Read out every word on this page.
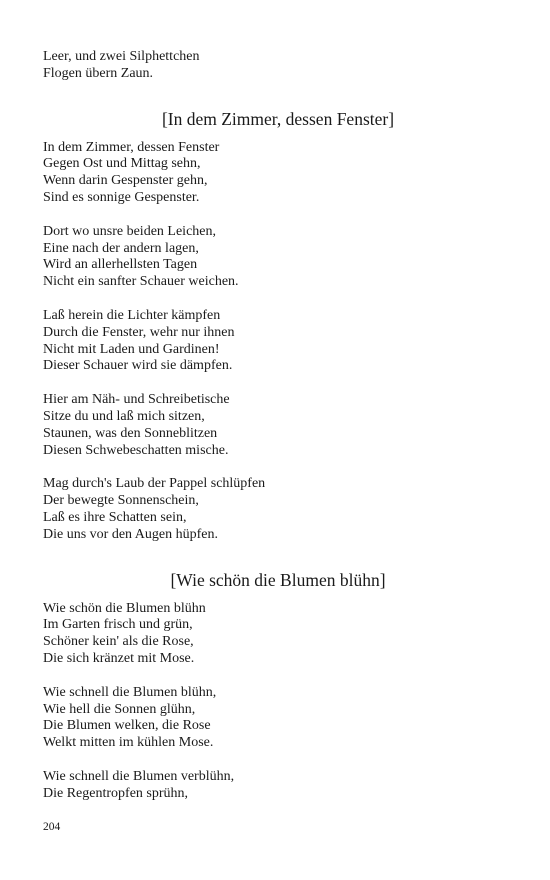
Leer, und zwei Silphettchen
Flogen übern Zaun.
[In dem Zimmer, dessen Fenster]
In dem Zimmer, dessen Fenster
Gegen Ost und Mittag sehn,
Wenn darin Gespenster gehn,
Sind es sonnige Gespenster.
Dort wo unsre beiden Leichen,
Eine nach der andern lagen,
Wird an allerhellsten Tagen
Nicht ein sanfter Schauer weichen.
Laß herein die Lichter kämpfen
Durch die Fenster, wehr nur ihnen
Nicht mit Laden und Gardinen!
Dieser Schauer wird sie dämpfen.
Hier am Näh- und Schreibetische
Sitze du und laß mich sitzen,
Staunen, was den Sonneblitzen
Diesen Schwebeschatten mische.
Mag durch's Laub der Pappel schlüpfen
Der bewegte Sonnenschein,
Laß es ihre Schatten sein,
Die uns vor den Augen hüpfen.
[Wie schön die Blumen blühn]
Wie schön die Blumen blühn
Im Garten frisch und grün,
Schöner kein' als die Rose,
Die sich kränzet mit Mose.
Wie schnell die Blumen blühn,
Wie hell die Sonnen glühn,
Die Blumen welken, die Rose
Welkt mitten im kühlen Mose.
Wie schnell die Blumen verblühn,
Die Regentropfen sprühn,
204
